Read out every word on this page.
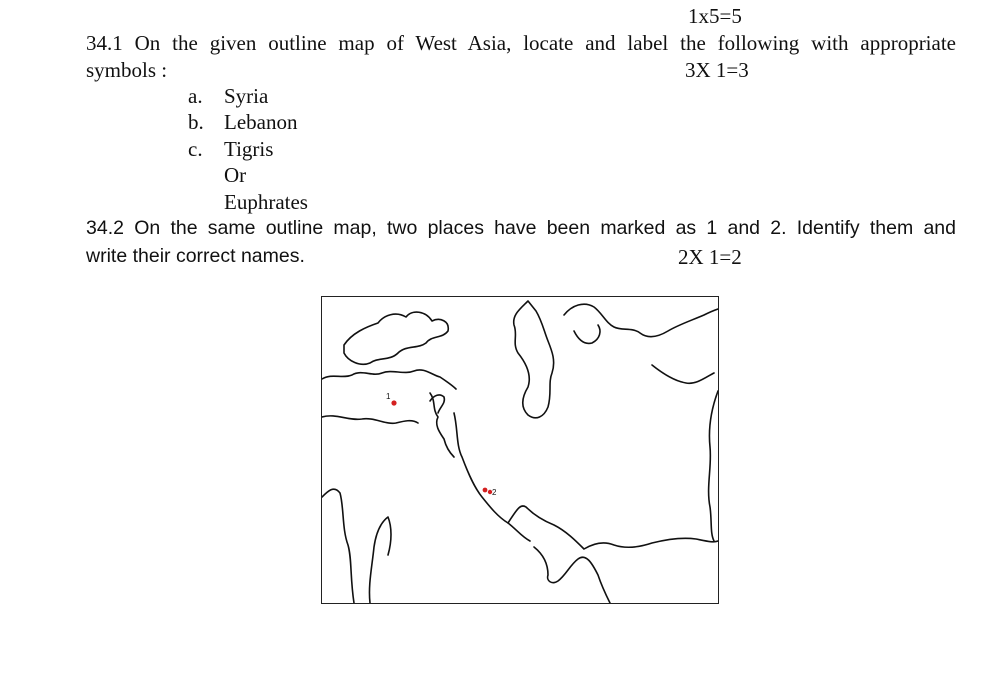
1x5=5
34.1 On the given outline map of West Asia, locate and label the following with appropriate
symbols :	3X 1=3
a. Syria
b. Lebanon
c. Tigris
Or
Euphrates
34.2 On the same outline map, two places have been marked as 1 and 2. Identify them and
write their correct names.	2X 1=2
1
2
